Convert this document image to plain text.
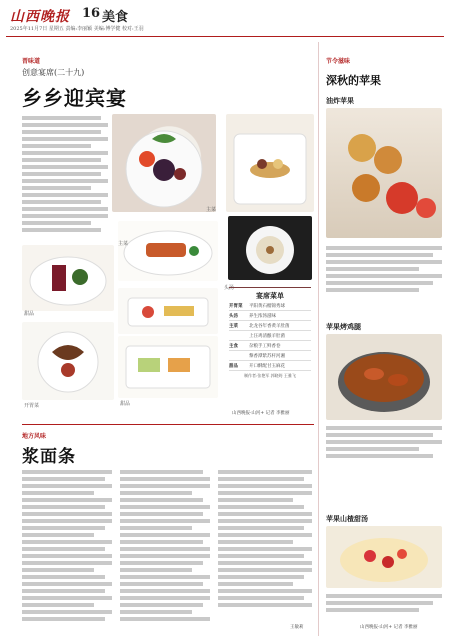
山西晚报 16 美食
2025年11月7日 星期五 责编:李丽颖 美编:傅学健 校对:王羽
晋味道
创意宴席(二十九)
乡乡迎宾宴
主菜
甜品
主菜
头汤
开胃菜	甜品
宴席菜单
开胃菜	平阳黄石榴锦秀球
头汤	养生浓汤滋味
主菜	北龙谷年香黄羊肚菌
上汪鸡清酿羊肚菌
主食	杂粮手工鲜香卷
藜香潭紫苏杆河湘
甜品	开口酥配甘玉麻花
制作者:张艳军 郭晓筠 王雅飞
山西晚报·山河+ 记者 李雅丽
地方风味
浆面条
王敏莉
节令滋味
深秋的苹果
油炸苹果
苹果烤鸡腿
苹果山楂甜汤
山西晚报·山河+ 记者 李雅丽
